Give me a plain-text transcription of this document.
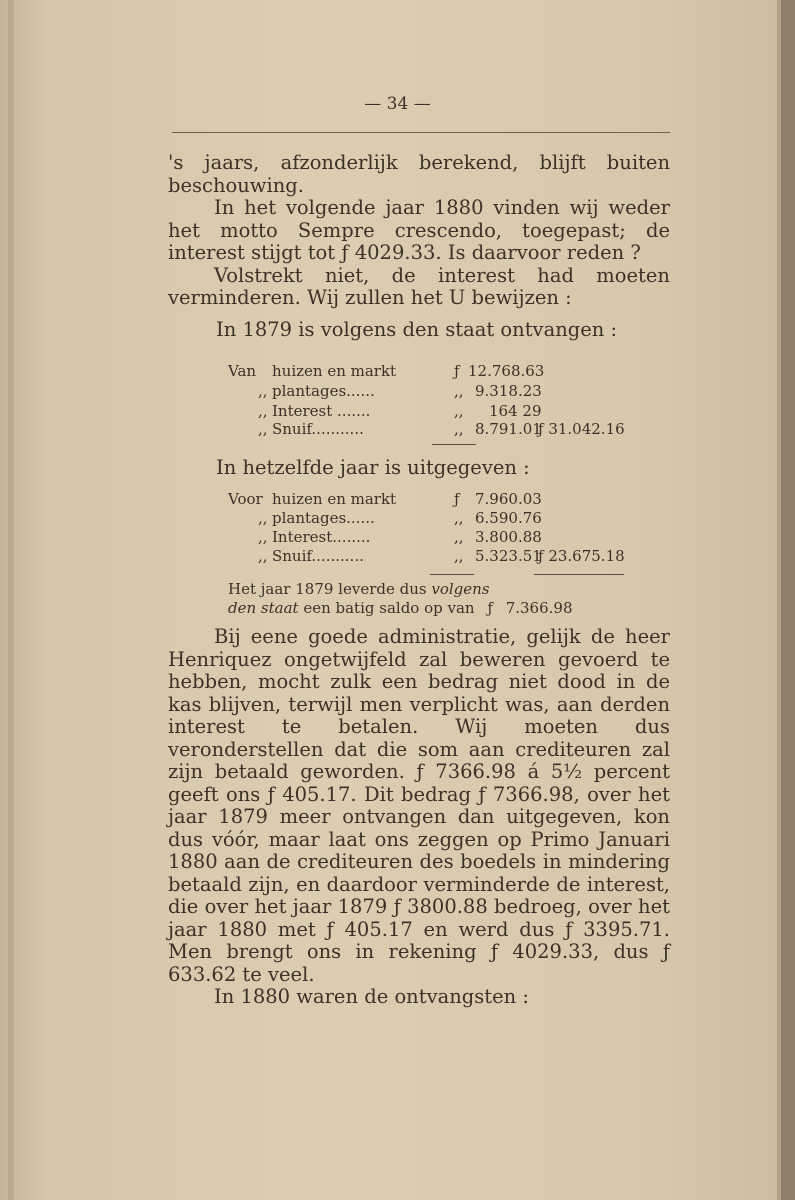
— 34 —

's jaars, afzonderlijk berekend, blijft buiten beschouwing.

In het volgende jaar 1880 vinden wij weder het motto Sempre crescendo, toegepast; de interest stijgt tot ƒ 4029.33. Is daarvoor reden ?

Volstrekt niet, de interest had moeten verminderen. Wij zullen het U bewijzen :

In 1879 is volgens den staat ontvangen :
Van huizen en markt	ƒ 12.768.63
,, plantages......	,, 9.318.23
,, Interest .......	,, 164 29
,, Snuif...........	,, 8.791.01
ƒ 31.042.16
In hetzelfde jaar is uitgegeven :
Voor huizen en markt	ƒ 7.960.03
,, plantages......	,, 6.590.76
,, Interest........	,, 3.800.88
,, Snuif...........	,, 5.323.51
ƒ 23.675.18
Het jaar 1879 leverde dus volgens
den staat een batig saldo op van ƒ 7.366.98

Bij eene goede administratie, gelijk de heer Henriquez ongetwijfeld zal beweren gevoerd te hebben, mocht zulk een bedrag niet dood in de kas blijven, terwijl men verplicht was, aan derden interest te betalen. Wij moeten dus veronderstellen dat die som aan crediteuren zal zijn betaald geworden. ƒ 7366.98 á 5½ percent geeft ons ƒ 405.17. Dit bedrag ƒ 7366.98, over het jaar 1879 meer ontvangen dan uitgegeven, kon dus vóór, maar laat ons zeggen op Primo Januari 1880 aan de crediteuren des boedels in mindering betaald zijn, en daardoor verminderde de interest, die over het jaar 1879 ƒ 3800.88 bedroeg, over het jaar 1880 met ƒ 405.17 en werd dus ƒ 3395.71. Men brengt ons in rekening ƒ 4029.33, dus ƒ 633.62 te veel.

In 1880 waren de ontvangsten :
